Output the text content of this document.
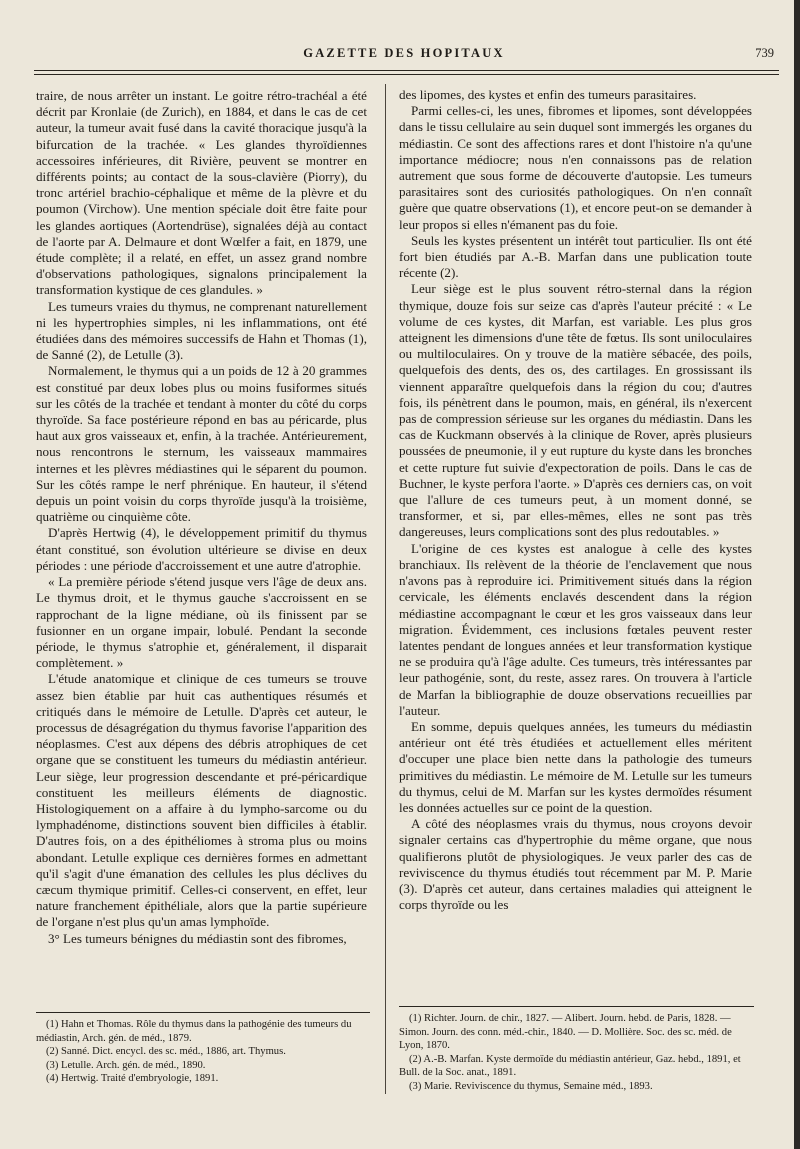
GAZETTE DES HOPITAUX	739

traire, de nous arrêter un instant. Le goitre rétro-trachéal a été décrit par Kronlaie (de Zurich), en 1884, et dans le cas de cet auteur, la tumeur avait fusé dans la cavité thoracique jusqu'à la bifurcation de la trachée. « Les glandes thyroïdiennes accessoires inférieures, dit Rivière, peuvent se montrer en différents points; au contact de la sous-clavière (Piorry), du tronc artériel brachio-céphalique et même de la plèvre et du poumon (Virchow). Une mention spéciale doit être faite pour les glandes aortiques (Aortendrüse), signalées déjà au contact de l'aorte par A. Delmaure et dont Wœlfer a fait, en 1879, une étude complète; il a relaté, en effet, un assez grand nombre d'observations pathologiques, signalons principalement la transformation kystique de ces glandules. »

Les tumeurs vraies du thymus, ne comprenant naturellement ni les hypertrophies simples, ni les inflammations, ont été étudiées dans des mémoires successifs de Hahn et Thomas (1), de Sanné (2), de Letulle (3).

Normalement, le thymus qui a un poids de 12 à 20 grammes est constitué par deux lobes plus ou moins fusiformes situés sur les côtés de la trachée et tendant à monter du côté du corps thyroïde. Sa face postérieure répond en bas au péricarde, plus haut aux gros vaisseaux et, enfin, à la trachée. Antérieurement, nous rencontrons le sternum, les vaisseaux mammaires internes et les plèvres médiastines qui le séparent du poumon. Sur les côtés rampe le nerf phrénique. En hauteur, il s'étend depuis un point voisin du corps thyroïde jusqu'à la troisième, quatrième ou cinquième côte.

D'après Hertwig (4), le développement primitif du thymus étant constitué, son évolution ultérieure se divise en deux périodes : une période d'accroissement et une autre d'atrophie.

« La première période s'étend jusque vers l'âge de deux ans. Le thymus droit, et le thymus gauche s'accroissent en se rapprochant de la ligne médiane, où ils finissent par se fusionner en un organe impair, lobulé. Pendant la seconde période, le thymus s'atrophie et, généralement, il disparait complètement. »

L'étude anatomique et clinique de ces tumeurs se trouve assez bien établie par huit cas authentiques résumés et critiqués dans le mémoire de Letulle. D'après cet auteur, le processus de désagrégation du thymus favorise l'apparition des néoplasmes. C'est aux dépens des débris atrophiques de cet organe que se constituent les tumeurs du médiastin antérieur. Leur siège, leur progression descendante et pré-péricardique constituent les meilleurs éléments de diagnostic. Histologiquement on a affaire à du lympho-sarcome ou du lymphadénome, distinctions souvent bien difficiles à établir. D'autres fois, on a des épithéliomes à stroma plus ou moins abondant. Letulle explique ces dernières formes en admettant qu'il s'agit d'une émanation des cellules les plus déclives du cæcum thymique primitif. Celles-ci conservent, en effet, leur nature franchement épithéliale, alors que la partie supérieure de l'organe n'est plus qu'un amas lymphoïde.

3° Les tumeurs bénignes du médiastin sont des fibromes,

(1) Hahn et Thomas. Rôle du thymus dans la pathogénie des tumeurs du médiastin, Arch. gén. de méd., 1879.

(2) Sanné. Dict. encycl. des sc. méd., 1886, art. Thymus.

(3) Letulle. Arch. gén. de méd., 1890.

(4) Hertwig. Traité d'embryologie, 1891.

des lipomes, des kystes et enfin des tumeurs parasitaires.

Parmi celles-ci, les unes, fibromes et lipomes, sont développées dans le tissu cellulaire au sein duquel sont immergés les organes du médiastin. Ce sont des affections rares et dont l'histoire n'a qu'une importance médiocre; nous n'en connaissons pas de relation autrement que sous forme de découverte d'autopsie. Les tumeurs parasitaires sont des curiosités pathologiques. On n'en connaît guère que quatre observations (1), et encore peut-on se demander à leur propos si elles n'émanent pas du foie.

Seuls les kystes présentent un intérêt tout particulier. Ils ont été fort bien étudiés par A.-B. Marfan dans une publication toute récente (2).

Leur siège est le plus souvent rétro-sternal dans la région thymique, douze fois sur seize cas d'après l'auteur précité : « Le volume de ces kystes, dit Marfan, est variable. Les plus gros atteignent les dimensions d'une tête de fœtus. Ils sont uniloculaires ou multiloculaires. On y trouve de la matière sébacée, des poils, quelquefois des dents, des os, des cartilages. En grossissant ils viennent apparaître quelquefois dans la région du cou; d'autres fois, ils pénètrent dans le poumon, mais, en général, ils n'exercent pas de compression sérieuse sur les organes du médiastin. Dans les cas de Kuckmann observés à la clinique de Rover, après plusieurs poussées de pneumonie, il y eut rupture du kyste dans les bronches et cette rupture fut suivie d'expectoration de poils. Dans le cas de Buchner, le kyste perfora l'aorte. » D'après ces derniers cas, on voit que l'allure de ces tumeurs peut, à un moment donné, se transformer, et si, par elles-mêmes, elles ne sont pas très dangereuses, leurs complications sont des plus redoutables. »

L'origine de ces kystes est analogue à celle des kystes branchiaux. Ils relèvent de la théorie de l'enclavement que nous n'avons pas à reproduire ici. Primitivement situés dans la région cervicale, les éléments enclavés descendent dans la région médiastine accompagnant le cœur et les gros vaisseaux dans leur migration. Évidemment, ces inclusions fœtales peuvent rester latentes pendant de longues années et leur transformation kystique ne se produira qu'à l'âge adulte. Ces tumeurs, très intéressantes par leur pathogénie, sont, du reste, assez rares. On trouvera à l'article de Marfan la bibliographie de douze observations recueillies par l'auteur.

En somme, depuis quelques années, les tumeurs du médiastin antérieur ont été très étudiées et actuellement elles méritent d'occuper une place bien nette dans la pathologie des tumeurs primitives du médiastin. Le mémoire de M. Letulle sur les tumeurs du thymus, celui de M. Marfan sur les kystes dermoïdes résument les données actuelles sur ce point de la question.

A côté des néoplasmes vrais du thymus, nous croyons devoir signaler certains cas d'hypertrophie du même organe, que nous qualifierons plutôt de physiologiques. Je veux parler des cas de reviviscence du thymus étudiés tout récemment par M. P. Marie (3). D'après cet auteur, dans certaines maladies qui atteignent le corps thyroïde ou les

(1) Richter. Journ. de chir., 1827. — Alibert. Journ. hebd. de Paris, 1828. — Simon. Journ. des conn. méd.-chir., 1840. — D. Mollière. Soc. des sc. méd. de Lyon, 1870.

(2) A.-B. Marfan. Kyste dermoïde du médiastin antérieur, Gaz. hebd., 1891, et Bull. de la Soc. anat., 1891.

(3) Marie. Reviviscence du thymus, Semaine méd., 1893.
